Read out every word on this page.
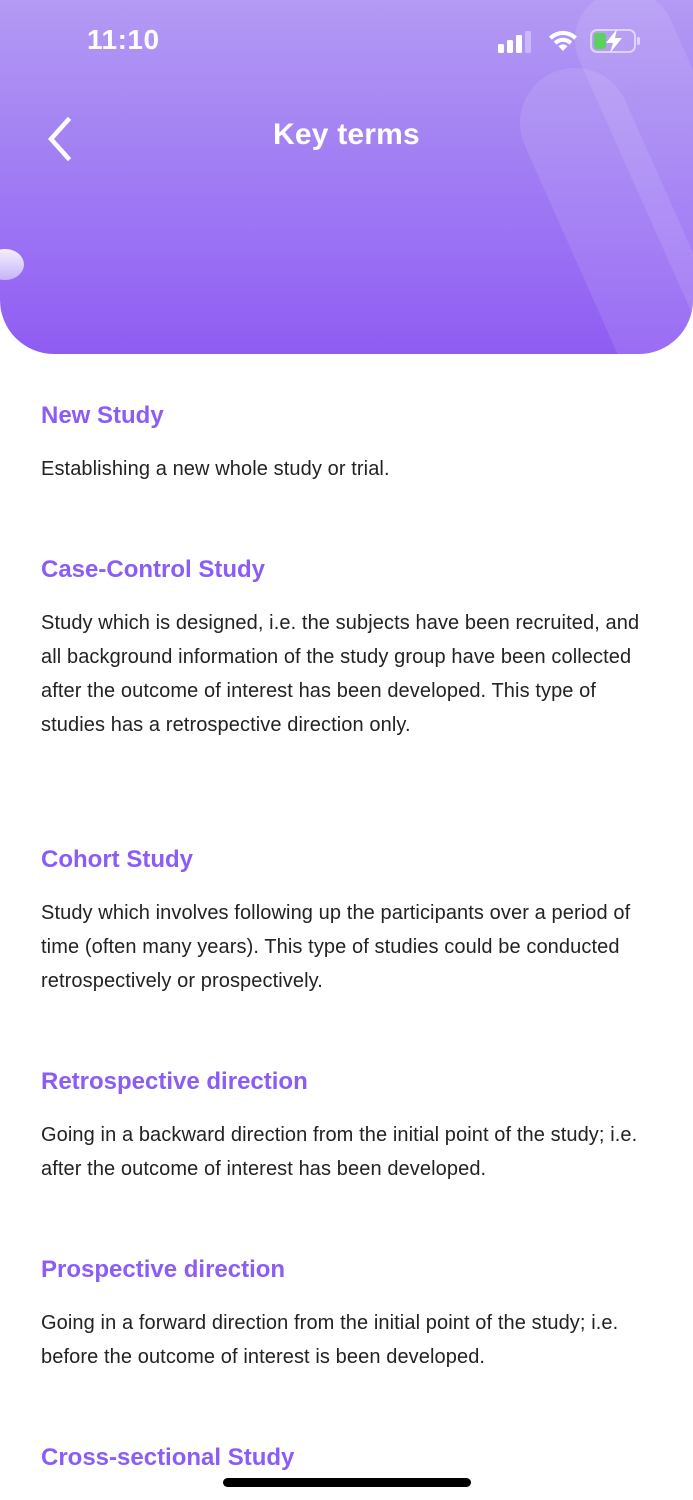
11:10
Key terms
New Study
Establishing a new whole study or trial.
Case-Control Study
Study which is designed, i.e. the subjects have been recruited, and all background information of the study group have been collected after the outcome of interest has been developed. This type of studies has a retrospective direction only.
Cohort Study
Study which involves following up the participants over a period of time (often many years). This type of studies could be conducted retrospectively or prospectively.
Retrospective direction
Going in a backward direction from the initial point of the study; i.e. after the outcome of interest has been developed.
Prospective direction
Going in a forward direction from the initial point of the study; i.e. before the outcome of interest is been developed.
Cross-sectional Study
